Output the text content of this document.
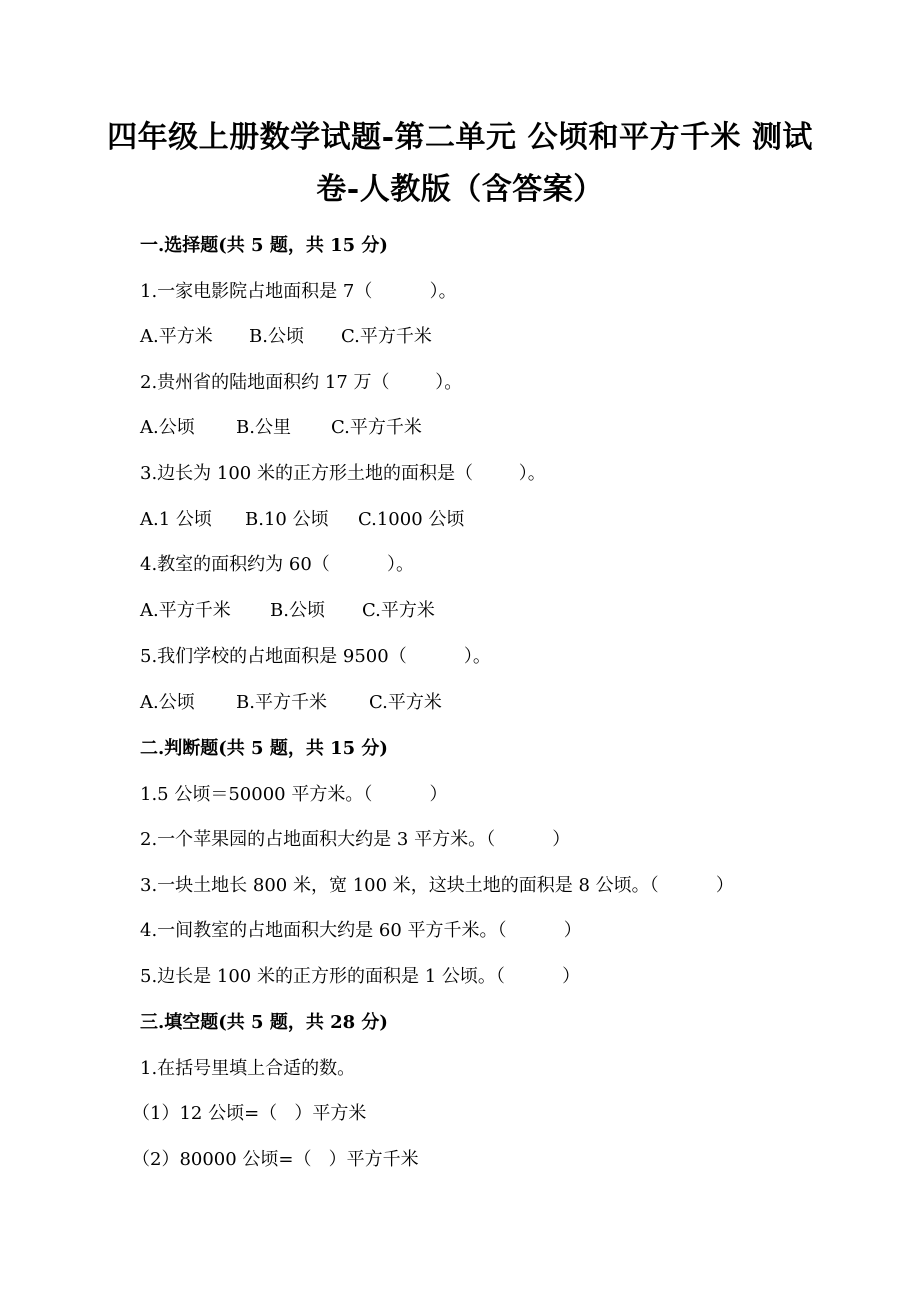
四年级上册数学试题-第二单元 公顷和平方千米 测试
卷-人教版（含答案）
一.选择题(共 5 题，共 15 分)
1.一家电影院占地面积是 7（          ）。
A.平方米 B.公顷 C.平方千米
2.贵州省的陆地面积约 17 万（        ）。
A.公顷 B.公里 C.平方千米
3.边长为 100 米的正方形土地的面积是（        ）。
A.1 公顷 B.10 公顷 C.1000 公顷
4.教室的面积约为 60（          ）。
A.平方千米 B.公顷 C.平方米
5.我们学校的占地面积是 9500（          ）。
A.公顷 B.平方千米 C.平方米
二.判断题(共 5 题，共 15 分)
1.5 公顷＝50000 平方米。（          ）
2.一个苹果园的占地面积大约是 3 平方米。（          ）
3.一块土地长 800 米，宽 100 米，这块土地的面积是 8 公顷。（          ）
4.一间教室的占地面积大约是 60 平方千米。（          ）
5.边长是 100 米的正方形的面积是 1 公顷。（          ）
三.填空题(共 5 题，共 28 分)
1.在括号里填上合适的数。
（1）12 公顷=（   ）平方米
（2）80000 公顷=（   ）平方千米
